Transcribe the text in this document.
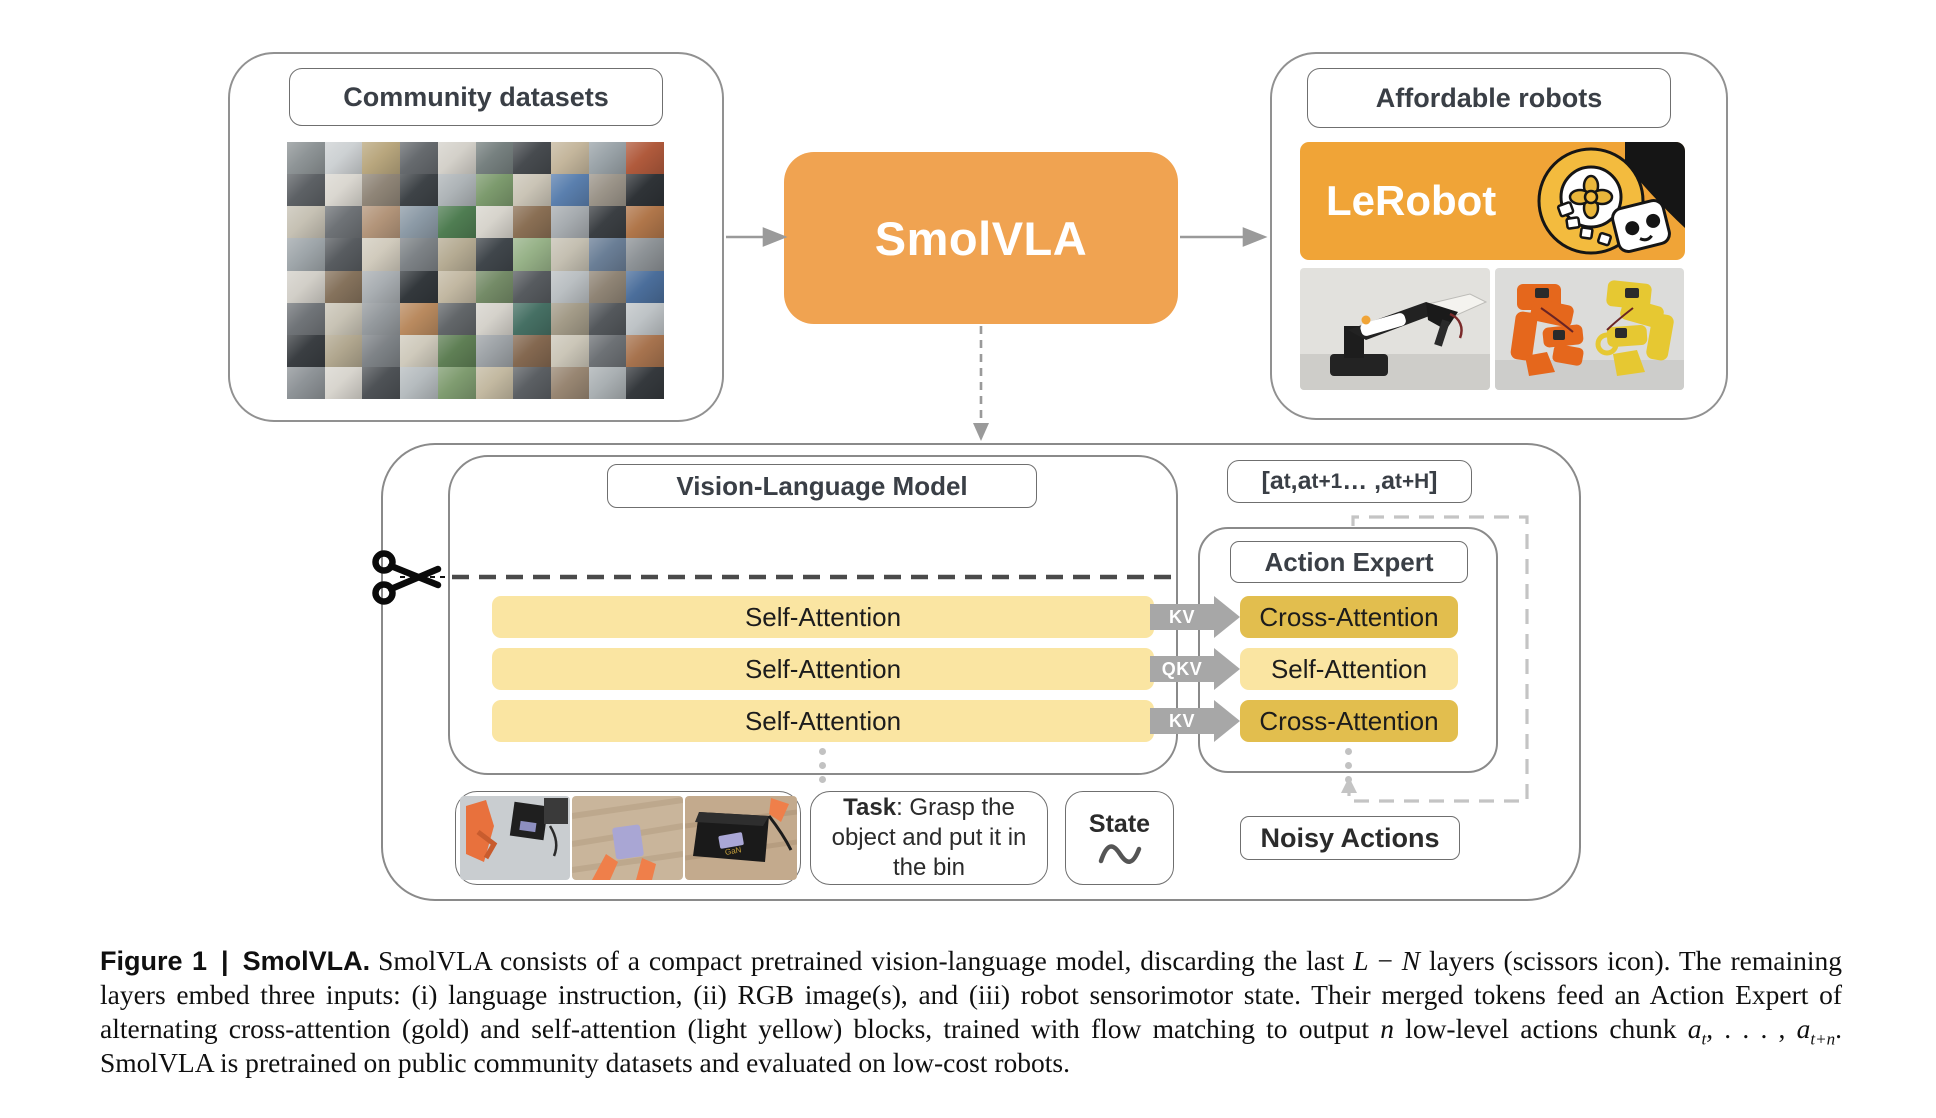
Community datasets
SmolVLA
Affordable robots
LeRobot
Vision-Language Model
Self-Attention
Self-Attention
Self-Attention
KV
QKV
KV
Action Expert
Cross-Attention
Self-Attention
Cross-Attention
[a t ,a t+1 … ,a t+H ]
Noisy Actions
GaN
Task: Grasp the object and put it in the bin
State
Figure 1 | SmolVLA. SmolVLA consists of a compact pretrained vision-language model, discarding the last L − N layers (scissors icon). The remaining layers embed three inputs: (i) language instruction, (ii) RGB image(s), and (iii) robot sensorimotor state. Their merged tokens feed an Action Expert of alternating cross-attention (gold) and self-attention (light yellow) blocks, trained with flow matching to output n low-level actions chunk $a_t$, . . . , $a_{t+n}$. SmolVLA is pretrained on public community datasets and evaluated on low-cost robots.
